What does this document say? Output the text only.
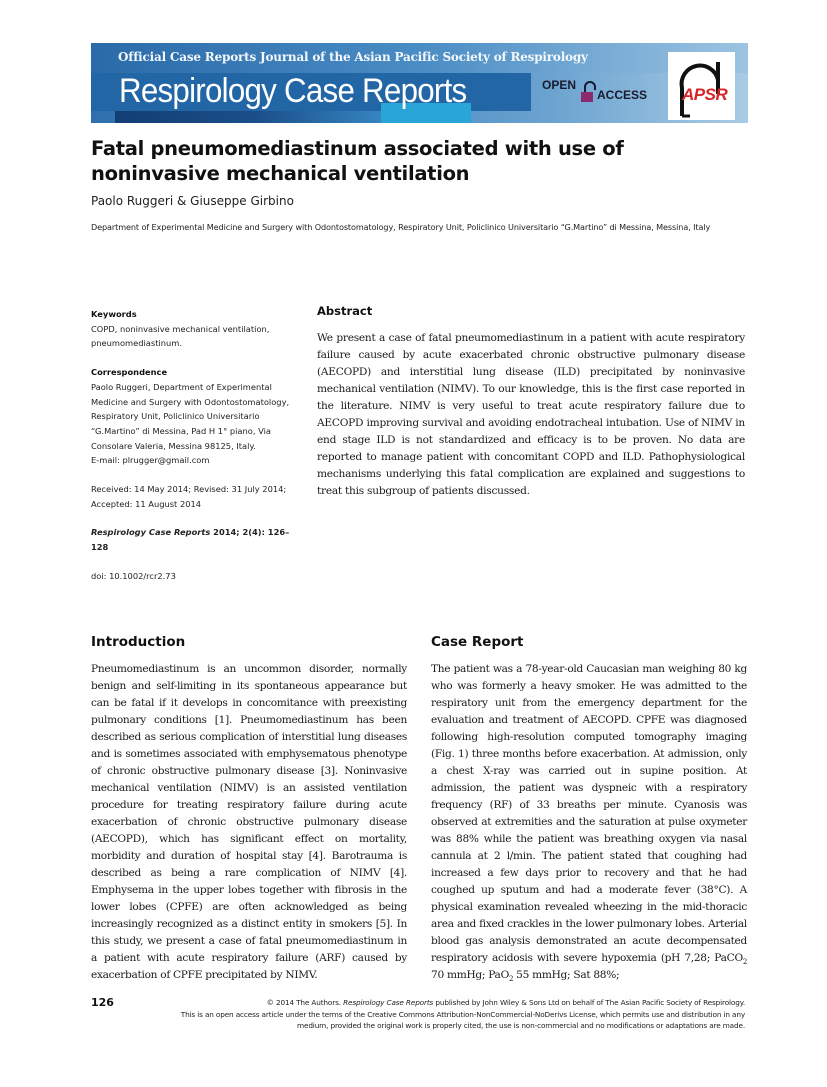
Official Case Reports Journal of the Asian Pacific Society of Respirology
Respirology Case Reports	OPEN
ACCESS APSR
Fatal pneumomediastinum associated with use of noninvasive mechanical ventilation
Paolo Ruggeri & Giuseppe Girbino
Department of Experimental Medicine and Surgery with Odontostomatology, Respiratory Unit, Policlinico Universitario “G.Martino” di Messina, Messina, Italy

Keywords

COPD, noninvasive mechanical ventilation, pneumomediastinum.

Correspondence

Paolo Ruggeri, Department of Experimental Medicine and Surgery with Odontostomatology, Respiratory Unit, Policlinico Universitario “G.Martino” di Messina, Pad H 1° piano, Via Consolare Valeria, Messina 98125, Italy.

E-mail: plrugger@gmail.com

Received: 14 May 2014; Revised: 31 July 2014; Accepted: 11 August 2014

Respirology Case Reports 2014; 2(4): 126–128

doi: 10.1002/rcr2.73

Abstract
We present a case of fatal pneumomediastinum in a patient with acute respiratory failure caused by acute exacerbated chronic obstructive pulmonary disease (AECOPD) and interstitial lung disease (ILD) precipitated by noninvasive mechanical ventilation (NIMV). To our knowledge, this is the first case reported in the literature. NIMV is very useful to treat acute respiratory failure due to AECOPD improving survival and avoiding endotracheal intubation. Use of NIMV in end stage ILD is not standardized and efficacy is to be proven. No data are reported to manage patient with concomitant COPD and ILD. Pathophysiological mechanisms underlying this fatal complication are explained and suggestions to treat this subgroup of patients discussed.
Introduction
Pneumomediastinum is an uncommon disorder, normally benign and self-limiting in its spontaneous appearance but can be fatal if it develops in concomitance with preexisting pulmonary conditions [1]. Pneumomediastinum has been described as serious complication of interstitial lung diseases and is sometimes associated with emphysematous phenotype of chronic obstructive pulmonary disease [3]. Noninvasive mechanical ventilation (NIMV) is an assisted ventilation procedure for treating respiratory failure during acute exacerbation of chronic obstructive pulmonary disease (AECOPD), which has significant effect on mortality, morbidity and duration of hospital stay [4]. Barotrauma is described as being a rare complication of NIMV [4]. Emphysema in the upper lobes together with fibrosis in the lower lobes (CPFE) are often acknowledged as being increasingly recognized as a distinct entity in smokers [5]. In this study, we present a case of fatal pneumomediastinum in a patient with acute respiratory failure (ARF) caused by exacerbation of CPFE precipitated by NIMV.
Case Report
The patient was a 78-year-old Caucasian man weighing 80 kg who was formerly a heavy smoker. He was admitted to the respiratory unit from the emergency department for the evaluation and treatment of AECOPD. CPFE was diagnosed following high-resolution computed tomography imaging (Fig. 1) three months before exacerbation. At admission, only a chest X-ray was carried out in supine position. At admission, the patient was dyspneic with a respiratory frequency (RF) of 33 breaths per minute. Cyanosis was observed at extremities and the saturation at pulse oxymeter was 88% while the patient was breathing oxygen via nasal cannula at 2 l/min. The patient stated that coughing had increased a few days prior to recovery and that he had coughed up sputum and had a moderate fever (38°C). A physical examination revealed wheezing in the mid-thoracic area and fixed crackles in the lower pulmonary lobes. Arterial blood gas analysis demonstrated an acute decompensated respiratory acidosis with severe hypoxemia (pH 7,28; PaCO$_2$ 70 mmHg; PaO$_2$ 55 mmHg; Sat 88%;
126	© 2014 The Authors. Respirology Case Reports published by John Wiley & Sons Ltd on behalf of The Asian Pacific Society of Respirology.
This is an open access article under the terms of the Creative Commons Attribution-NonCommercial-NoDerivs License, which permits use and distribution in any medium, provided the original work is properly cited, the use is non-commercial and no modifications or adaptations are made.
